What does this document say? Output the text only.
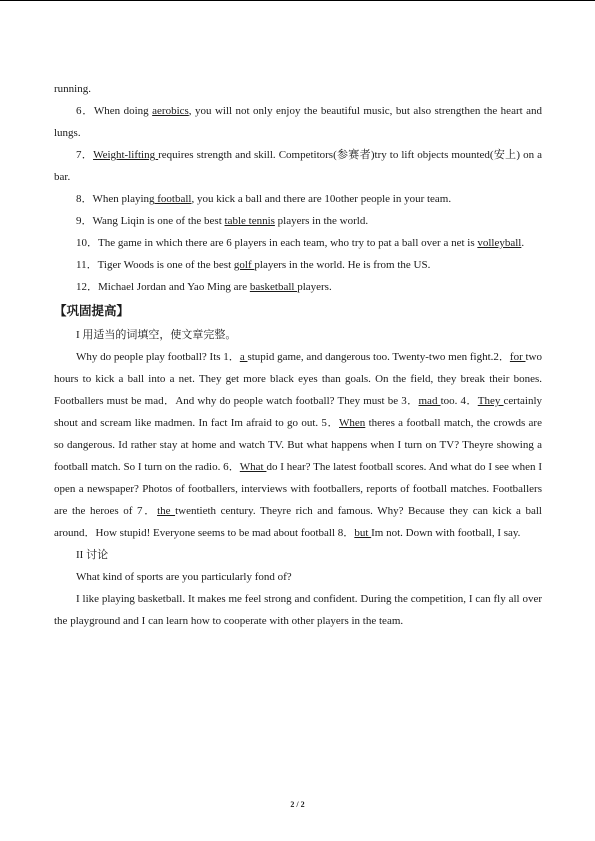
running.

6．When doing aerobics, you will not only enjoy the beautiful music, but also strengthen the heart and lungs.

7．Weight-lifting requires strength and skill. Competitors(参赛者)try to lift objects mounted(安上) on a bar.

8．When playing football, you kick a ball and there are 10other people in your team.

9．Wang Liqin is one of the best table tennis players in the world.

10．The game in which there are 6 players in each team, who try to pat a ball over a net is volleyball.

11．Tiger Woods is one of the best golf players in the world. He is from the US.

12．Michael Jordan and Yao Ming are basketball players.

【巩固提高】

I 用适当的词填空，使文章完整。

Why do people play football? Its 1．a stupid game, and dangerous too. Twenty-two men fight.2．for two hours to kick a ball into a net. They get more black eyes than goals. On the field, they break their bones. Footballers must be mad．And why do people watch football? They must be 3．mad too. 4．They certainly shout and scream like madmen. In fact Im afraid to go out. 5．When theres a football match, the crowds are so dangerous. Id rather stay at home and watch TV. But what happens when I turn on TV? Theyre showing a football match. So I turn on the radio. 6．What do I hear? The latest football scores. And what do I see when I open a newspaper? Photos of footballers, interviews with footballers, reports of football matches. Footballers are the heroes of 7．the twentieth century. Theyre rich and famous. Why? Because they can kick a ball around．How stupid! Everyone seems to be mad about football 8．but Im not. Down with football, I say.

II 讨论

What kind of sports are you particularly fond of?

I like playing basketball. It makes me feel strong and confident. During the competition, I can fly all over the playground and I can learn how to cooperate with other players in the team.

2 / 2
